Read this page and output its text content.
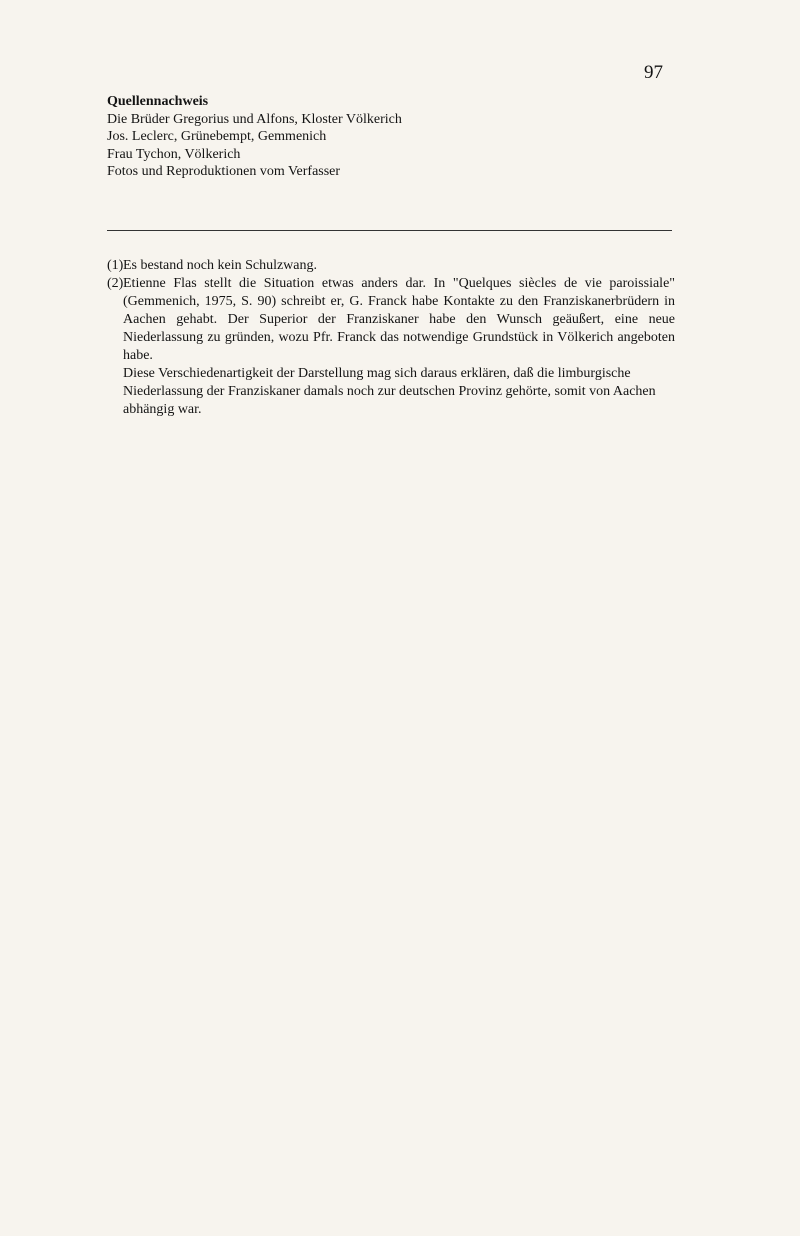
97
Quellennachweis
Die Brüder Gregorius und Alfons, Kloster Völkerich
Jos. Leclerc, Grünebempt, Gemmenich
Frau Tychon, Völkerich
Fotos und Reproduktionen vom Verfasser
(1) Es bestand noch kein Schulzwang.
(2) Etienne Flas stellt die Situation etwas anders dar. In "Quelques siècles de vie paroissiale" (Gemmenich, 1975, S. 90) schreibt er, G. Franck habe Kontakte zu den Franziskanerbrüdern in Aachen gehabt. Der Superior der Franziskaner habe den Wunsch geäußert, eine neue Niederlassung zu gründen, wozu Pfr. Franck das notwendige Grundstück in Völkerich angeboten habe.
Diese Verschiedenartigkeit der Darstellung mag sich daraus erklären, daß die limburgische Niederlassung der Franziskaner damals noch zur deutschen Provinz gehörte, somit von Aachen abhängig war.
